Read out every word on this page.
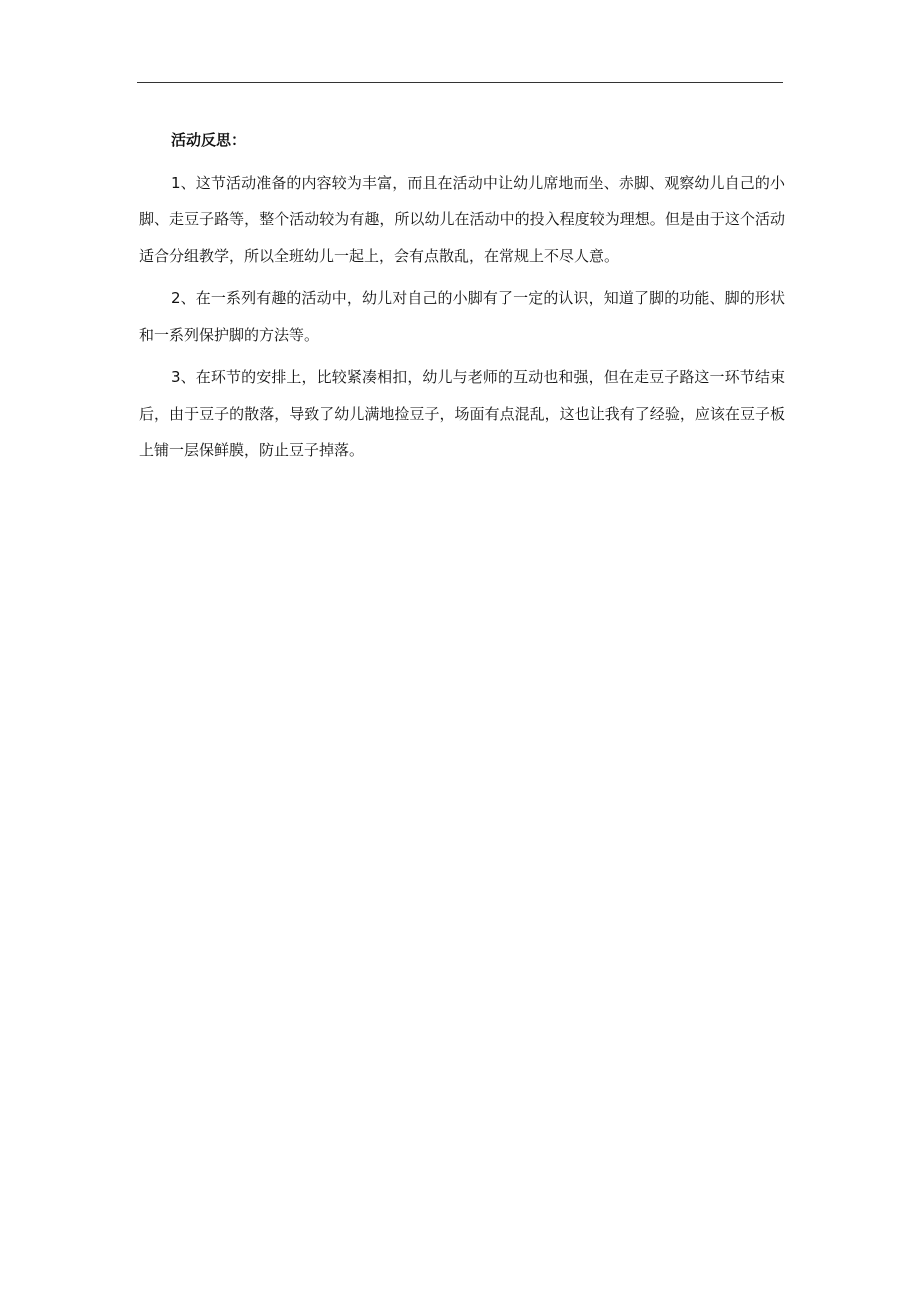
活动反思：

1、这节活动准备的内容较为丰富，而且在活动中让幼儿席地而坐、赤脚、观察幼儿自己的小脚、走豆子路等，整个活动较为有趣，所以幼儿在活动中的投入程度较为理想。但是由于这个活动适合分组教学，所以全班幼儿一起上，会有点散乱，在常规上不尽人意。

2、在一系列有趣的活动中，幼儿对自己的小脚有了一定的认识，知道了脚的功能、脚的形状和一系列保护脚的方法等。

3、在环节的安排上，比较紧凑相扣，幼儿与老师的互动也和强，但在走豆子路这一环节结束后，由于豆子的散落，导致了幼儿满地捡豆子，场面有点混乱，这也让我有了经验，应该在豆子板上铺一层保鲜膜，防止豆子掉落。
